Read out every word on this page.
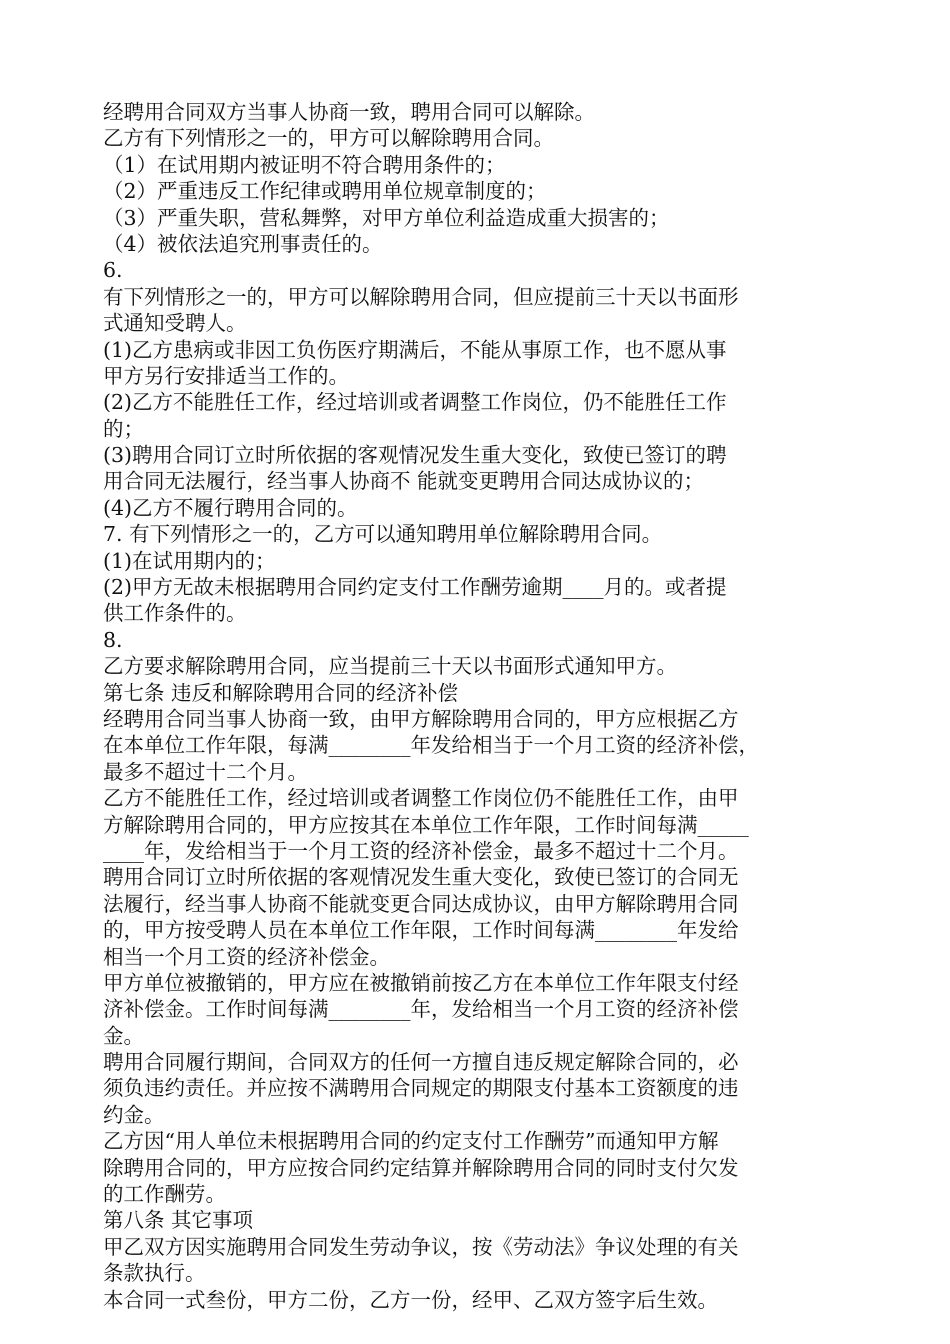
经聘用合同双方当事人协商一致，聘用合同可以解除。
乙方有下列情形之一的，甲方可以解除聘用合同。
（1）在试用期内被证明不符合聘用条件的；
（2）严重违反工作纪律或聘用单位规章制度的；
（3）严重失职，营私舞弊，对甲方单位利益造成重大损害的；
（4）被依法追究刑事责任的。
6.
有下列情形之一的，甲方可以解除聘用合同，但应提前三十天以书面形
式通知受聘人。
(1)乙方患病或非因工负伤医疗期满后，不能从事原工作，也不愿从事
甲方另行安排适当工作的。
(2)乙方不能胜任工作，经过培训或者调整工作岗位，仍不能胜任工作
的；
(3)聘用合同订立时所依据的客观情况发生重大变化，致使已签订的聘
用合同无法履行，经当事人协商不 能就变更聘用合同达成协议的；
(4)乙方不履行聘用合同的。
7. 有下列情形之一的，乙方可以通知聘用单位解除聘用合同。
(1)在试用期内的；
(2)甲方无故未根据聘用合同约定支付工作酬劳逾期____月的。或者提
供工作条件的。
8.
乙方要求解除聘用合同，应当提前三十天以书面形式通知甲方。
第七条 违反和解除聘用合同的经济补偿
经聘用合同当事人协商一致，由甲方解除聘用合同的，甲方应根据乙方
在本单位工作年限，每满________年发给相当于一个月工资的经济补偿，
最多不超过十二个月。
乙方不能胜任工作，经过培训或者调整工作岗位仍不能胜任工作，由甲
方解除聘用合同的，甲方应按其在本单位工作年限，工作时间每满_____
____年，发给相当于一个月工资的经济补偿金，最多不超过十二个月。
聘用合同订立时所依据的客观情况发生重大变化，致使已签订的合同无
法履行，经当事人协商不能就变更合同达成协议，由甲方解除聘用合同
的，甲方按受聘人员在本单位工作年限，工作时间每满________年发给
相当一个月工资的经济补偿金。
甲方单位被撤销的，甲方应在被撤销前按乙方在本单位工作年限支付经
济补偿金。工作时间每满________年，发给相当一个月工资的经济补偿
金。
聘用合同履行期间，合同双方的任何一方擅自违反规定解除合同的，必
须负违约责任。并应按不满聘用合同规定的期限支付基本工资额度的违
约金。
乙方因“用人单位未根据聘用合同的约定支付工作酬劳”而通知甲方解
除聘用合同的，甲方应按合同约定结算并解除聘用合同的同时支付欠发
的工作酬劳。
第八条 其它事项
甲乙双方因实施聘用合同发生劳动争议，按《劳动法》争议处理的有关
条款执行。
本合同一式叁份，甲方二份，乙方一份，经甲、乙双方签字后生效。
